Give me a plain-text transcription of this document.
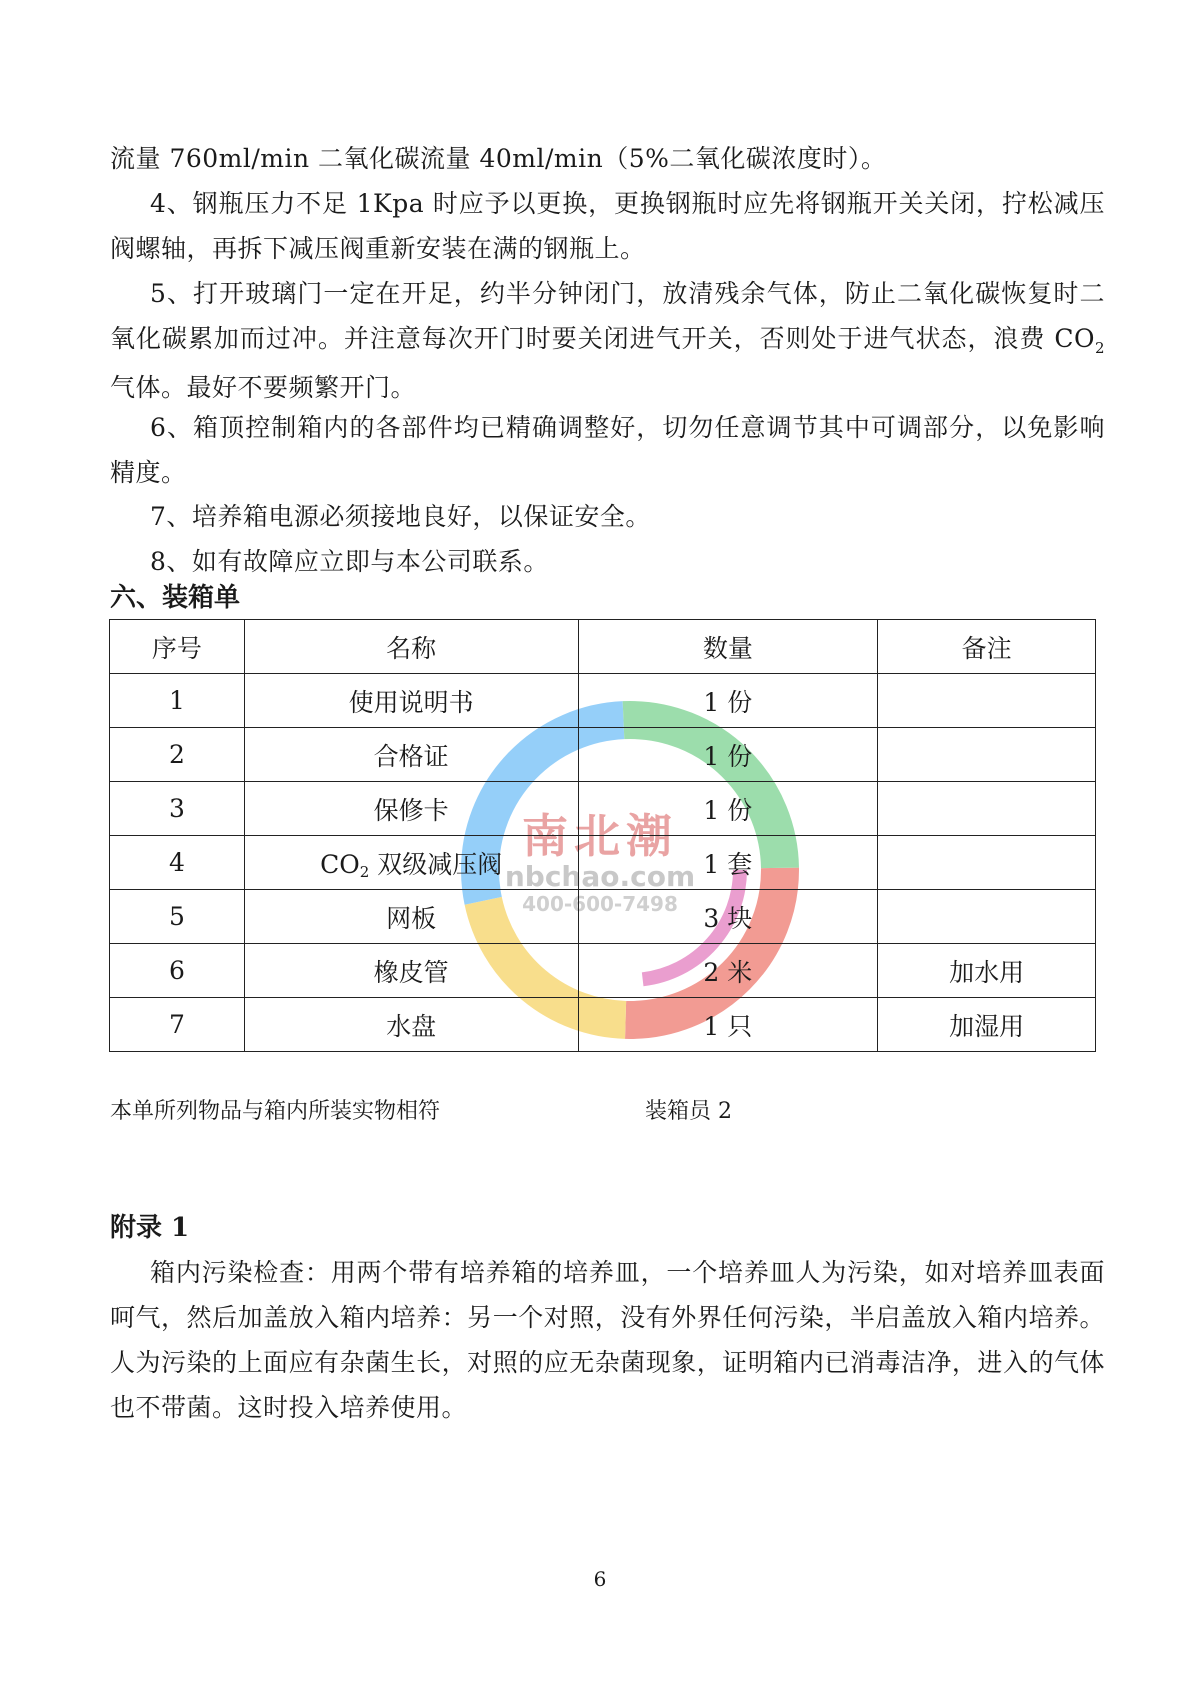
南北潮
nbchao.com
400-600-7498

流量 760ml/min 二氧化碳流量 40ml/min（5%二氧化碳浓度时）。

4、钢瓶压力不足 1Kpa 时应予以更换，更换钢瓶时应先将钢瓶开关关闭，拧松减压阀螺轴，再拆下减压阀重新安装在满的钢瓶上。

5、打开玻璃门一定在开足，约半分钟闭门，放清残余气体，防止二氧化碳恢复时二氧化碳累加而过冲。并注意每次开门时要关闭进气开关，否则处于进气状态，浪费 $CO_2$气体。最好不要频繁开门。

6、箱顶控制箱内的各部件均已精确调整好，切勿任意调节其中可调部分，以免影响精度。

7、培养箱电源必须接地良好，以保证安全。

8、如有故障应立即与本公司联系。

六、装箱单
序号	名称	数量	备注
1	使用说明书	1 份	
2	合格证	1 份	
3	保修卡	1 份	
4	CO2 双级减压阀	1 套	
5	网板	3 块	
6	橡皮管	2 米	加水用
7	水盘	1 只	加湿用

本单所列物品与箱内所装实物相符	装箱员 2

附录 1

箱内污染检查：用两个带有培养箱的培养皿，一个培养皿人为污染，如对培养皿表面呵气，然后加盖放入箱内培养：另一个对照，没有外界任何污染，半启盖放入箱内培养。人为污染的上面应有杂菌生长，对照的应无杂菌现象，证明箱内已消毒洁净，进入的气体也不带菌。这时投入培养使用。

6
